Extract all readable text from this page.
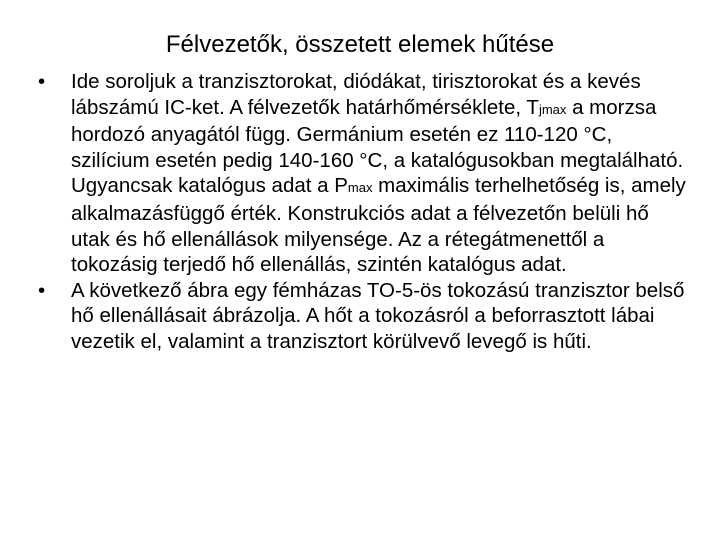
Félvezetők, összetett elemek hűtése
•	Ide soroljuk a tranzisztorokat, diódákat, tirisztorokat és a kevés lábszámú IC-ket. A félvezetők határhőmérséklete, Tjmax a morzsa hordozó anyagától függ. Germánium esetén ez 110-120 °C, szilícium esetén pedig 140-160 °C, a katalógusokban megtalálható. Ugyancsak katalógus adat a Pmax maximális terhelhetőség is, amely alkalmazásfüggő érték. Konstrukciós adat a félvezetőn belüli hő utak és hő ellenállások milyensége. Az a rétegátmenettől a tokozásig terjedő hő ellenállás, szintén katalógus adat.
•	A következő ábra egy fémházas TO-5-ös tokozású tranzisztor belső hő ellenállásait ábrázolja. A hőt a tokozásról a beforrasztott lábai vezetik el, valamint a tranzisztort körülvevő levegő is hűti.
